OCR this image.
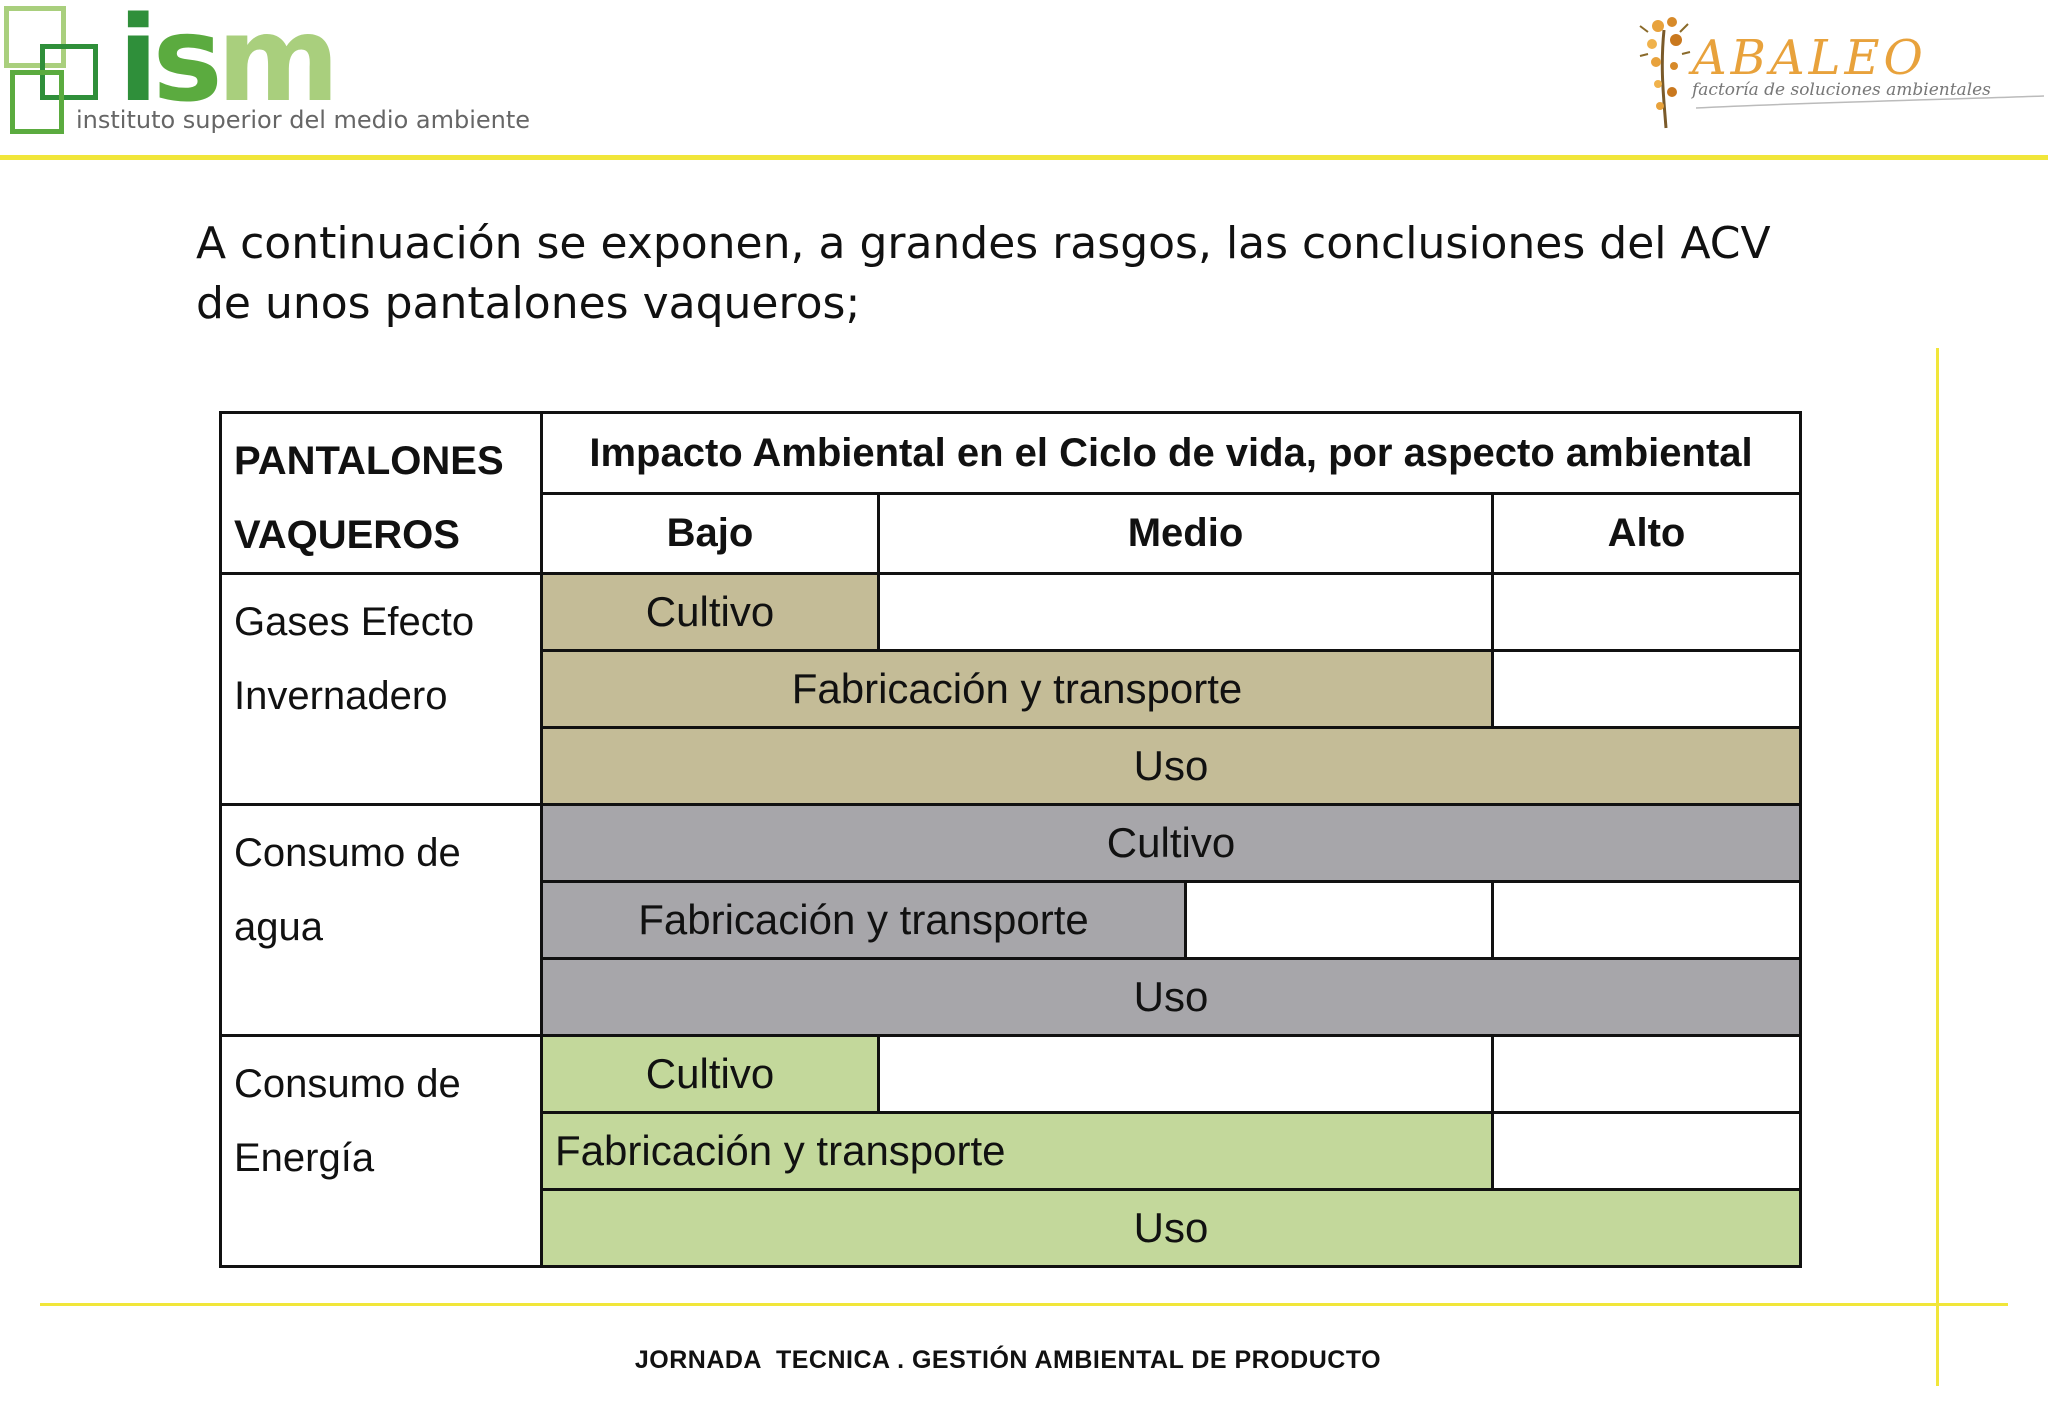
ism
instituto superior del medio ambiente
ABALEO
factoría de soluciones ambientales
A continuación se exponen, a grandes rasgos, las conclusiones del ACV de unos pantalones vaqueros;
PANTALONES VAQUEROS	Impacto Ambiental en el Ciclo de vida, por aspecto ambiental			
	Bajo	Medio		Alto
Gases Efecto Invernadero	Cultivo			
	Fabricación y transporte			
	Uso			
Consumo de agua	Cultivo			
	Fabricación y transporte			
	Uso			
Consumo de Energía	Cultivo			
	Fabricación y transporte			
	Uso			
JORNADA  TECNICA . GESTIÓN AMBIENTAL DE PRODUCTO
